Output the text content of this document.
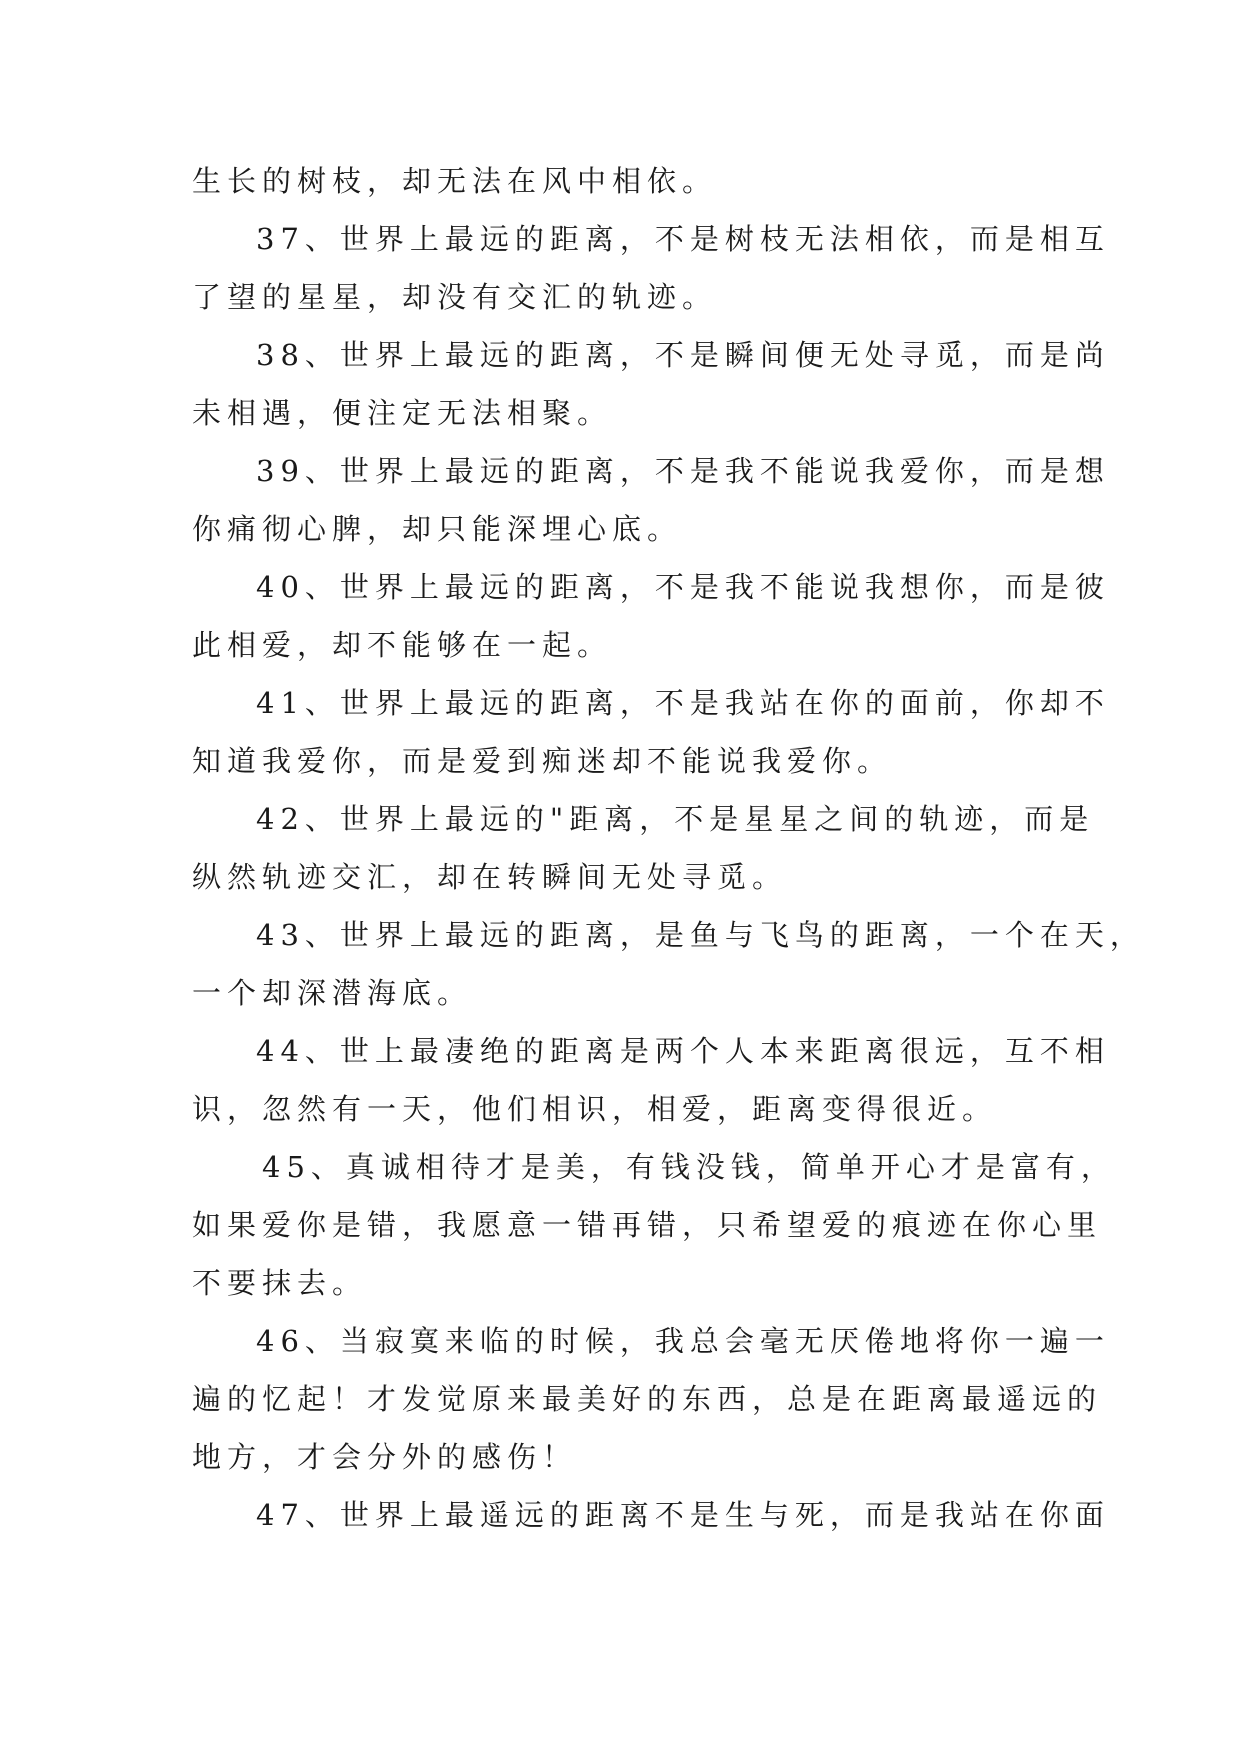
生长的树枝，却无法在风中相依。
37、世界上最远的距离，不是树枝无法相依，而是相互
了望的星星，却没有交汇的轨迹。
38、世界上最远的距离，不是瞬间便无处寻觅，而是尚
未相遇，便注定无法相聚。
39、世界上最远的距离，不是我不能说我爱你，而是想
你痛彻心脾，却只能深埋心底。
40、世界上最远的距离，不是我不能说我想你，而是彼
此相爱，却不能够在一起。
41、世界上最远的距离，不是我站在你的面前，你却不
知道我爱你，而是爱到痴迷却不能说我爱你。
42、世界上最远的"距离，不是星星之间的轨迹，而是
纵然轨迹交汇，却在转瞬间无处寻觅。
43、世界上最远的距离，是鱼与飞鸟的距离，一个在天，
一个却深潜海底。
44、世上最凄绝的距离是两个人本来距离很远，互不相
识，忽然有一天，他们相识，相爱，距离变得很近。
45、真诚相待才是美，有钱没钱，简单开心才是富有，
如果爱你是错，我愿意一错再错，只希望爱的痕迹在你心里
不要抹去。
46、当寂寞来临的时候，我总会毫无厌倦地将你一遍一
遍的忆起！才发觉原来最美好的东西，总是在距离最遥远的
地方，才会分外的感伤！
47、世界上最遥远的距离不是生与死，而是我站在你面
